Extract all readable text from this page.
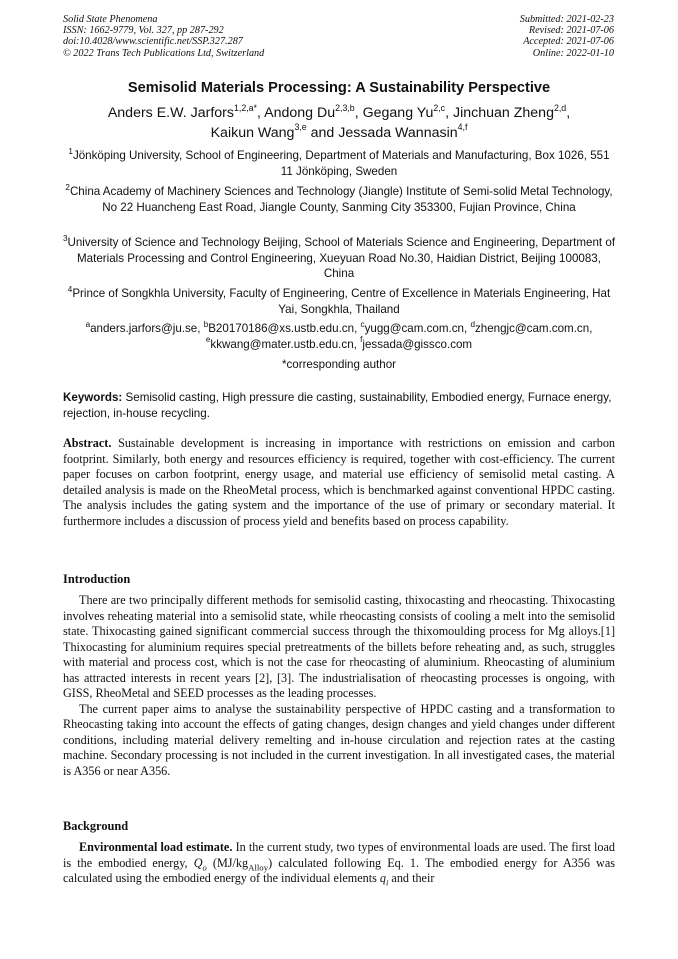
Solid State Phenomena
ISSN: 1662-9779, Vol. 327, pp 287-292
doi:10.4028/www.scientific.net/SSP.327.287
© 2022 Trans Tech Publications Ltd, Switzerland
Submitted: 2021-02-23
Revised: 2021-07-06
Accepted: 2021-07-06
Online: 2022-01-10
Semisolid Materials Processing: A Sustainability Perspective
Anders E.W. Jarfors$^{1,2,a*}$, Andong Du$^{2,3,b}$, Gegang Yu$^{2,c}$, Jinchuan Zheng$^{2,d}$,
Kaikun Wang$^{3,e}$ and Jessada Wannasin$^{4,f}$
$^1$Jönköping University, School of Engineering, Department of Materials and Manufacturing, Box 1026, 551 11 Jönköping, Sweden
$^2$China Academy of Machinery Sciences and Technology (Jiangle) Institute of Semi-solid Metal Technology, No 22 Huancheng East Road, Jiangle County, Sanming City 353300, Fujian Province, China
$^3$University of Science and Technology Beijing, School of Materials Science and Engineering, Department of Materials Processing and Control Engineering, Xueyuan Road No.30, Haidian District, Beijing 100083, China
$^4$Prince of Songkhla University, Faculty of Engineering, Centre of Excellence in Materials Engineering, Hat Yai, Songkhla, Thailand
$^a$anders.jarfors@ju.se, $^b$B20170186@xs.ustb.edu.cn, $^c$yugg@cam.com.cn, $^d$zhengjc@cam.com.cn,
$^e$kkwang@mater.ustb.edu.cn, $^f$jessada@gissco.com
*corresponding author
Keywords: Semisolid casting, High pressure die casting, sustainability, Embodied energy, Furnace energy, rejection, in-house recycling.
Abstract. Sustainable development is increasing in importance with restrictions on emission and carbon footprint. Similarly, both energy and resources efficiency is required, together with cost-efficiency. The current paper focuses on carbon footprint, energy usage, and material use efficiency of semisolid metal casting. A detailed analysis is made on the RheoMetal process, which is benchmarked against conventional HPDC casting. The analysis includes the gating system and the importance of the use of primary or secondary material. It furthermore includes a discussion of process yield and benefits based on process capability.
Introduction

There are two principally different methods for semisolid casting, thixocasting and rheocasting. Thixocasting involves reheating material into a semisolid state, while rheocasting consists of cooling a melt into the semisolid state. Thixocasting gained significant commercial success through the thixomoulding process for Mg alloys.[1] Thixocasting for aluminium requires special pretreatments of the billets before reheating and, as such, struggles with material and process cost, which is not the case for rheocasting of aluminium. Rheocasting of aluminium has attracted interests in recent years [2], [3]. The industrialisation of rheocasting processes is ongoing, with GISS, RheoMetal and SEED processes as the leading processes.

The current paper aims to analyse the sustainability perspective of HPDC casting and a transformation to Rheocasting taking into account the effects of gating changes, design changes and yield changes under different conditions, including material delivery remelting and in-house circulation and rejection rates at the casting machine. Secondary processing is not included in the current investigation. In all investigated cases, the material is A356 or near A356.

Background

Environmental load estimate. In the current study, two types of environmental loads are used. The first load is the embodied energy, $Q_o$ $(MJ/kg_{Alloy})$ calculated following Eq. 1. The embodied energy for A356 was calculated using the embodied energy of the individual elements $q_i$ and their
